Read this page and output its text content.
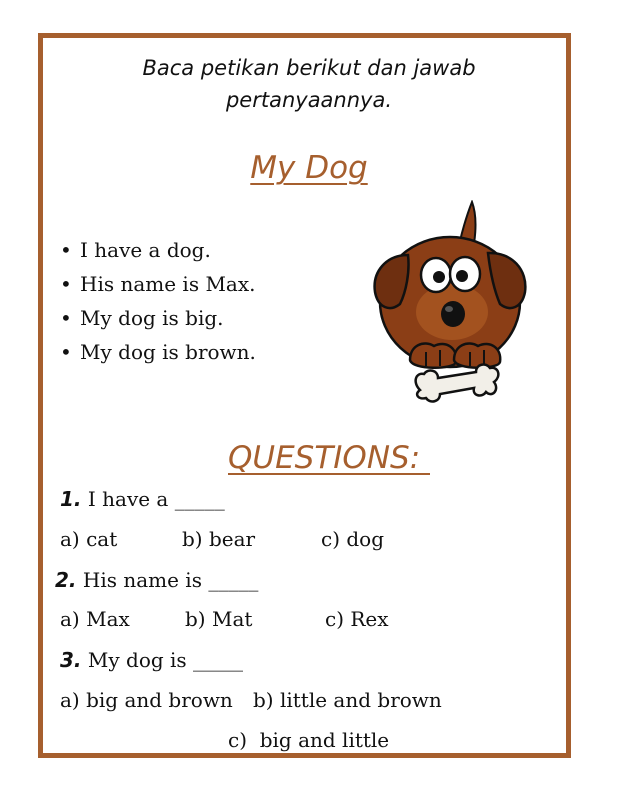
Baca petikan berikut dan jawab
pertanyaannya.
My Dog
• I have a dog.
• His name is Max.
• My dog is big.
• My dog is brown.
QUESTIONS:
1. I have a _____
a) cat	b) bear	c) dog
2. His name is _____
a) Max	b) Mat	c) Rex
3. My dog is _____
a) big and brown b) little and brown
c)  big and little
